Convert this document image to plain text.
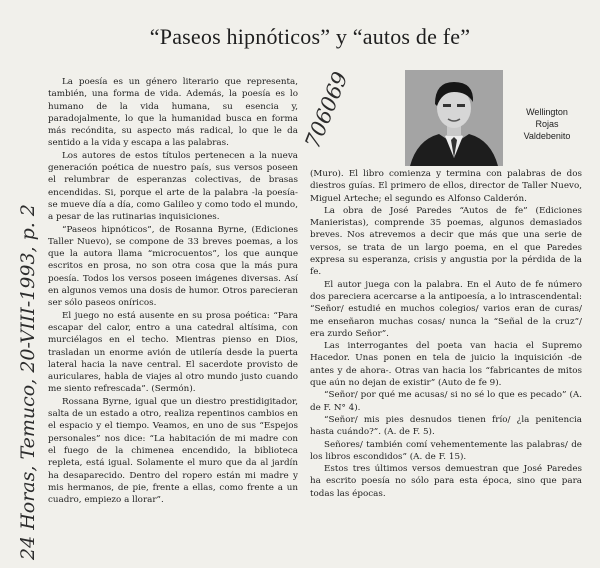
“Paseos hipnóticos” y “autos de fe”

La poesía es un género literario que representa, también, una forma de vida. Además, la poesía es lo humano de la vida humana, su esencia y, paradojalmente, lo que la humanidad busca en forma más recóndita, su aspecto más radical, lo que le da sentido a la vida y escapa a las palabras.

Los autores de estos títulos pertenecen a la nueva generación poética de nuestro país, sus versos poseen el relumbrar de esperanzas colectivas, de brasas encendidas. Si, porque el arte de la palabra -la poesía- se mueve día a día, como Galileo y como todo el mundo, a pesar de las rutinarias inquisiciones.

“Paseos hipnóticos”, de Rosanna Byrne, (Ediciones Taller Nuevo), se compone de 33 breves poemas, a los que la autora llama “microcuentos”, los que aunque escritos en prosa, no son otra cosa que la más pura poesía. Todos los versos poseen imágenes diversas. Así en algunos vemos una dosis de humor. Otros parecieran ser sólo paseos oníricos.

El juego no está ausente en su prosa poética: “Para escapar del calor, entro a una catedral altísima, con murciélagos en el techo. Mientras pienso en Dios, trasladan un enorme avión de utilería desde la puerta lateral hacia la nave central. El sacerdote provisto de auriculares, habla de viajes al otro mundo justo cuando me siento refrescada”. (Sermón).

Rossana Byrne, igual que un diestro prestidigitador, salta de un estado a otro, realiza repentinos cambios en el espacio y el tiempo. Veamos, en uno de sus “Espejos personales” nos dice: “La habitación de mi madre con el fuego de la chimenea encendido, la biblioteca repleta, está igual. Solamente el muro que da al jardín ha desaparecido. Dentro del ropero están mi madre y mis hermanos, de pie, frente a ellas, como frente a un cuadro, empiezo a llorar”.

Wellington
Rojas
Valdebenito

(Muro). El libro comienza y termina con palabras de dos diestros guías. El primero de ellos, director de Taller Nuevo, Miguel Arteche; el segundo es Alfonso Calderón.

La obra de José Paredes “Autos de fe” (Ediciones Manieristas), comprende 35 poemas, algunos demasiados breves. Nos atrevemos a decir que más que una serie de versos, se trata de un largo poema, en el que Paredes expresa su esperanza, crisis y angustia por la pérdida de la fe.

El autor juega con la palabra. En el Auto de fe número dos pareciera acercarse a la antipoesía, a lo intrascendental: “Señor/ estudié en muchos colegios/ varios eran de curas/ me enseñaron muchas cosas/ nunca la “Señal de la cruz”/ era zurdo Señor”.

Las interrogantes del poeta van hacia el Supremo Hacedor. Unas ponen en tela de juicio la inquisición -de antes y de ahora-. Otras van hacia los “fabricantes de mitos que aún no dejan de existir” (Auto de fe 9).

“Señor/ por qué me acusas/ si no sé lo que es pecado” (A. de F. N° 4).

“Señor/ mis pies desnudos tienen frío/ ¿la penitencia hasta cuándo?”. (A. de F. 5).

Señores/ también comí vehementemente las palabras/ de los libros escondidos” (A. de F. 15).

Estos tres últimos versos demuestran que José Paredes ha escrito poesía no sólo para esta época, sino que para todas las épocas.

24 Horas, Temuco, 20-VIII-1993, p. 2
706069
